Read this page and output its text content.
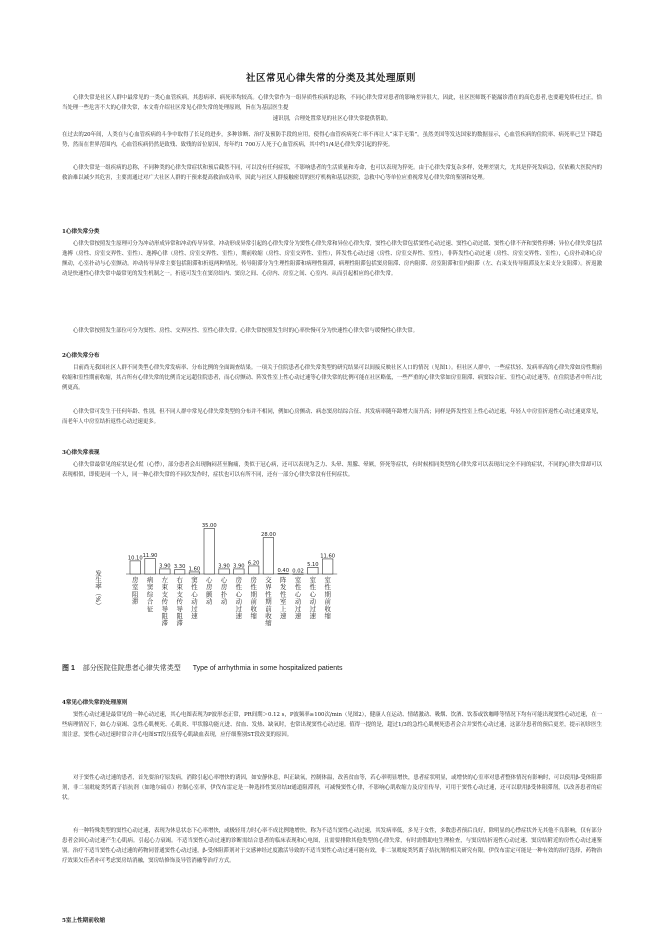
社区常见心律失常的分类及其处理原则

心律失常是社区人群中最常见的一类心血管疾病，其患病率、病死率均较高。心律失常作为一组异质性疾病的总称，不同心律失常对患者的影响差异很大，因此，社区医师既不能漏诊潜在的高危患者,也要避免矫枉过正，恰当处理一些危害不大的心律失常，本文将介绍社区常见心律失常的处理原则，旨在为基层医生提

速识别，合理处置常见的社区心律失常提供帮助。

在过去的20年间，人类在与心血管疾病的斗争中取得了长足的进步，多种诊断、治疗及预防手段的应用，使得心血管疾病死亡率不再让人“束手无策”。虽然美国等发达国家的数据显示，心血管疾病的住院率、病死率已呈下降趋势，然而在世界范围内，心血管疾病仍然是致残、致残的首位原因，每年约1 700万人死于心血管疾病，其中约1/4是心律失常引起的猝死。

心律失常是一组疾病的总称，不同种类的心律失常症状和预后截然不同，可以没有任何症状，不影响患者的生活质量和寿命，也可以表现为猝死。由于心律失常复杂多样，处理差别大，尤其是猝死发病急，仅依赖大医院内的救治难以减少其危害，主要需通过对广大社区人群的干预来提高救治成功率，因此与社区人群接触密切的医疗机构和基层医院，急救中心等单位应重视常见心律失常的鉴别和处理。

1心律失常分类

心律失常按照发生原理可分为冲动形成异常和冲动传导异常。冲动形成异常引起的心律失常分为窦性心律失常和异位心律失常，窦性心律失常包括窦性心动过速、窦性心动过缓、窦性心律不齐和窦性停搏；异位心律失常包括逸搏（房性、房室交界性、室性）、逸搏心律（房性、房室交界性、室性），期前收缩（房性、房室交界性、室性），阵发性心动过速（房性、房室交界性、室性），非阵发性心动过速（房性、房室交界性、室性），心房扑动和心房颤动，心室扑动与心室颤动。冲动传导异常主要包括阻滞和折返两种情况。传导阻滞分为生理性阻滞和病理性阻滞，病理性阻滞包括窦房阻滞、房内阻滞、房室阻滞和室内阻滞（左、右束支传导阻滞及左束支分支阻滞）。折返激动是快速性心律失常中最常见的发生机制之一。折返可发生在窦房结内、窦房之间、心房内、房室之间、心室内、从而引起相应的心律失常。

心律失常按照发生部位可分为窦性、房性、交界区性、室性心律失常。心律失常按照发生时的心率快慢可分为快速性心律失常与缓慢性心律失常。

2心律失常分布

目前尚无我国社区人群不同类型心律失常发病率、分布比例的全面调查结果。一项关于住院患者心律失常类型的研究结果可以间接反映社区人口的情况（见图1）。但社区人群中，一些症状轻、发病率高的心律失常如房性期前收缩和室性期前收缩，其占所有心律失常的比例肯定远超住院患者，而心房颤动、阵发性室上性心动过速等心律失常的比例可能在社区略低，一些严重的心律失常如房室阻滞、病窦综合征、室性心动过速等，在住院患者中所占比例更高。

心律失常可发生于任何年龄、性别，但不同人群中常见心律失常类型的分布并不相同，例如心房颤动、病态窦房结综合征、其发病率随年龄增大而升高；同样是阵发性室上性心动过速，年轻人中房室折返性心动过速更常见，而老年人中房室结折返性心动过速更多。

3心律失常表现

心律失常最常见的症状是心慌（心悸），部分患者会出现胸闷甚至胸痛，类似于冠心病，还可以表现为乏力、头晕、黑朦、晕厥，猝死等症状，有时候相同类型的心律失常可以表现出完全不同的症状，不同的心律失常却可以表现相似，即使是同一个人，同一种心律失常的不同次发作时，症状也可以有所不同，还有一部分心律失常没有任何症状。

发生率（%）
10.10
房室阻滞
11.90
病窦综合征
3.90
左束支传导阻滞
3.30
右束支传导阻滞
1.60
窦性心动过速
35.00
心房颤动
3.90
心房扑动
3.90
房性心动过速
6.20
房性期前收缩
28.00
交界性期前收缩
0.40
阵发性室上速
0.02
室性心动过速
5.10
室性心动过速
11.60
室性期前收缩
图 1 部分医院住院患者心律失常类型 Type of arrhythmia in some hospitalized patients
4常见心律失常的处理原则

窦性心动过速是最常见的一种心动过速，其心电图表现为P波形态正常，PR间期＞0.12 s，P波频率≥100次/min（见图2），健康人在运动、情绪激动、吸烟、饮酒、饮茶或饮咖啡等情况下均有可能出现窦性心动过速，在一些病理情况下，如心力衰竭、急性心肌梗死、心肌炎、甲状腺功能亢进、贫血、发热、缺氧时，也常出现窦性心动过速。值得一提的是，超过1/3的急性心肌梗死患者会合并窦性心动过速，这部分患者的预后更差，提示初诊医生需注意，窦性心动过速时常合并心电图ST段压低等心肌缺血表现，应仔细鉴别ST段改变的原因。

对于窦性心动过速的患者，首先要治疗原发病，消除引起心率增快的诱因，如安静休息，纠正缺氧，控制体温，改善贫血等，若心率明显增快，患者症状明显，或增快的心室率对患者整体情况有影响时，可以使用β-受体阻滞剂，非二氢吡啶类钙离子拮抗剂（如地尔硫卓）控制心室率，伊伐布雷定是一种选择性窦房结If通道阻滞剂，可减慢窦性心律，不影响心肌收缩力及房室传导，可用于窦性心动过速，还可以联用β受体阻滞剂，以改善患者的症状。

有一种特殊类型的窦性心动过速，表现为休息状态下心率增快，或极轻用力时心率不成比例地增快，称为不适当窦性心动过速，其发病率低，多见于女性，多数患者预后良好，除明显的心悸症状外无其他不良影响，仅有部分患者会因心动过速产生心肌病。引起心力衰竭。不适当窦性心动过速的诊断需结合患者的临床表现和心电图，且需要排除其他类型的心律失常，有时需借助电生理检查，与窦房结折返性心动过速、窦房结附近的房性心动过速鉴别。治疗不适当窦性心动过速的药物同普通窦性心动过速，β-受体阻滞剂对于交感神经过度激活导致的不适当窦性心动过速可能有效，非二氢吡啶类钙离子拮抗剂的相关研究有限，伊伐布雷定可能是一种有效的治疗选择，药物治疗效果欠佳者亦可考虑窦房结消融，窦房结修饰及导管消融等治疗方式。

5室上性期前收缩
